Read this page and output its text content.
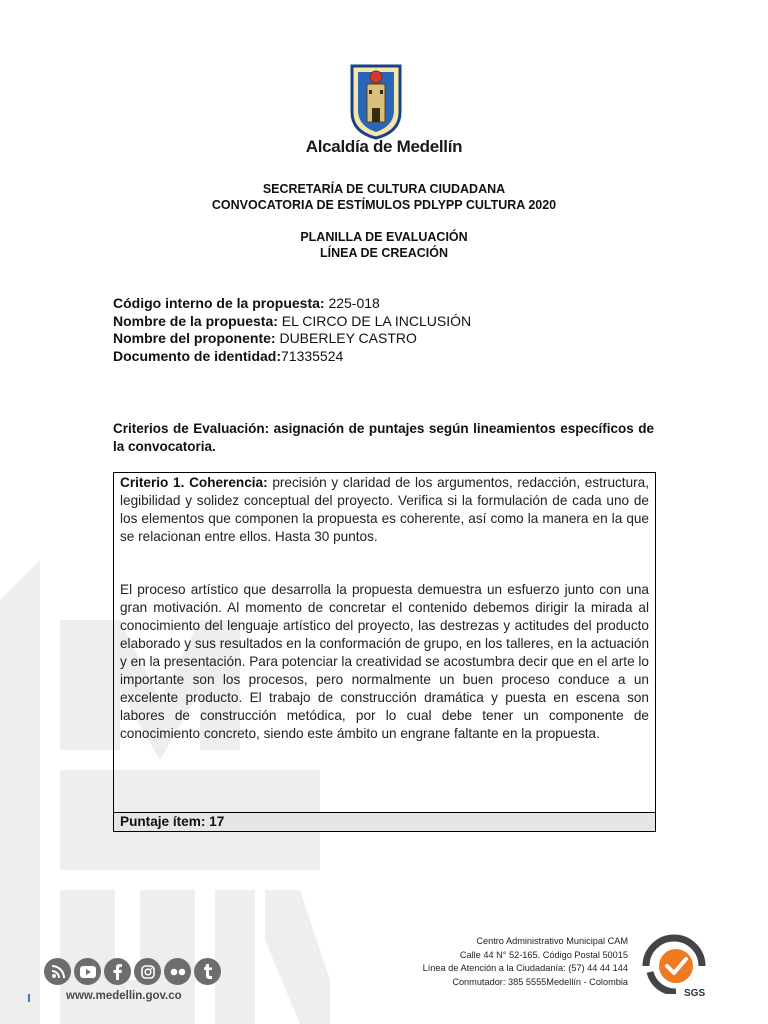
Alcaldía de Medellín
SECRETARÍA DE CULTURA CIUDADANA
CONVOCATORIA DE ESTÍMULOS PDLYPP CULTURA 2020
PLANILLA DE EVALUACIÓN
LÍNEA DE CREACIÓN
Código interno de la propuesta: 225-018
Nombre de la propuesta: EL CIRCO DE LA INCLUSIÓN
Nombre del proponente: DUBERLEY CASTRO
Documento de identidad:71335524
Criterios de Evaluación: asignación de puntajes según lineamientos específicos de la convocatoria.

Criterio 1. Coherencia: precisión y claridad de los argumentos, redacción, estructura, legibilidad y solidez conceptual del proyecto. Verifica si la formulación de cada uno de los elementos que componen la propuesta es coherente, así como la manera en la que se relacionan entre ellos. Hasta 30 puntos.

El proceso artístico que desarrolla la propuesta demuestra un esfuerzo junto con una gran motivación. Al momento de concretar el contenido debemos dirigir la mirada al conocimiento del lenguaje artístico del proyecto, las destrezas y actitudes del producto elaborado y sus resultados en la conformación de grupo, en los talleres, en la actuación y en la presentación. Para potenciar la creatividad se acostumbra decir que en el arte lo importante son los procesos, pero normalmente un buen proceso conduce a un excelente producto. El trabajo de construcción dramática y puesta en escena son labores de construcción metódica, por lo cual debe tener un componente de conocimiento concreto, siendo este ámbito un engrane faltante en la propuesta.

Puntaje ítem: 17
www.medellin.gov.co
Centro Administrativo Municipal CAM
Calle 44 N° 52-165. Código Postal 50015
Línea de Atención a la Ciudadanía: (57) 44 44 144
Conmutador: 385 5555Medellín - Colombia
SGS
